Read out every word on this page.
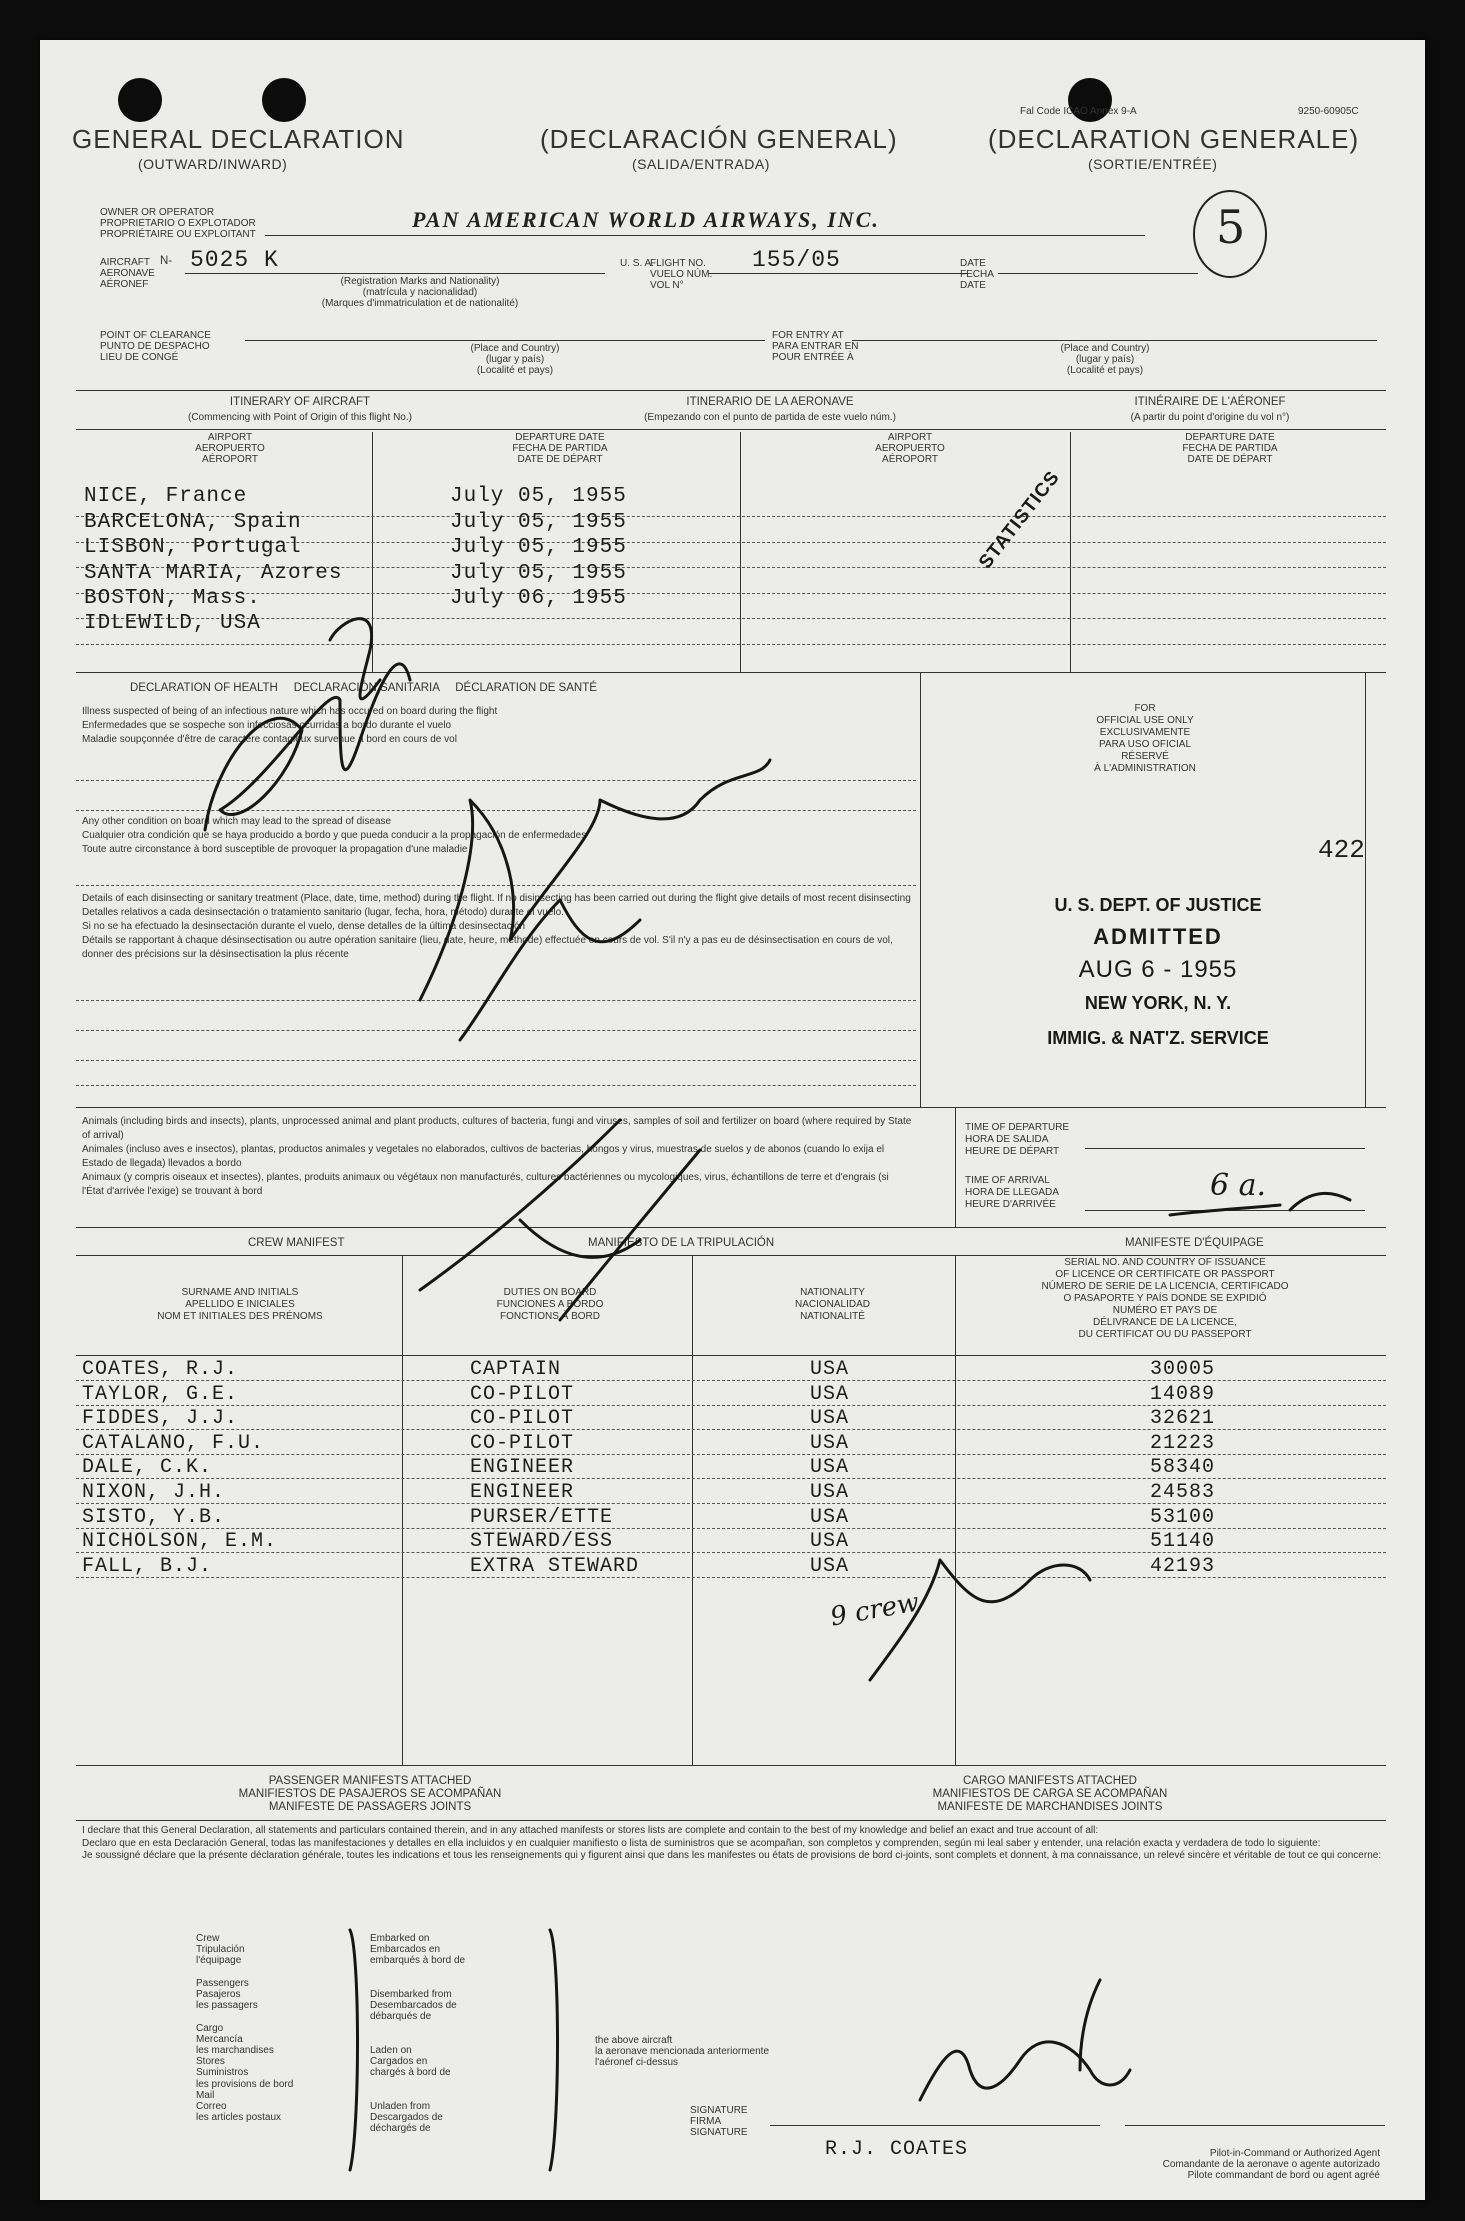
Fal Code ICAO Annex 9-A	9250-60905C
GENERAL DECLARATION
(OUTWARD/INWARD)
(DECLARACIÓN GENERAL)
(SALIDA/ENTRADA)
(DECLARATION GENERALE)
(SORTIE/ENTRÉE)
OWNER OR OPERATOR
PROPRIETARIO O EXPLOTADOR
PROPRIÉTAIRE OU EXPLOITANT
PAN AMERICAN WORLD AIRWAYS, INC.	5
AIRCRAFT
AERONAVE
AÉRONEF
N- 5025 K
(Registration Marks and Nationality)
(matrícula y nacionalidad)
(Marques d'immatriculation et de nationalité)
U. S. A.
FLIGHT NO.
VUELO NÚM.
VOL N°
155/05	DATE
FECHA
DATE
POINT OF CLEARANCE
PUNTO DE DESPACHO
LIEU DE CONGÉ
(Place and Country)
(lugar y país)
(Localité et pays)
FOR ENTRY AT
PARA ENTRAR EN
POUR ENTRÉE À
(Place and Country)
(lugar y país)
(Localité et pays)
ITINERARY OF AIRCRAFT
(Commencing with Point of Origin of this flight No.)
ITINERARIO DE LA AERONAVE
(Empezando con el punto de partida de este vuelo núm.)
ITINÉRAIRE DE L'AÉRONEF
(A partir du point d'origine du vol n°)
AIRPORT
AEROPUERTO
AÉROPORT
DEPARTURE DATE
FECHA DE PARTIDA
DATE DE DÉPART
AIRPORT
AEROPUERTO
AÉROPORT
DEPARTURE DATE
FECHA DE PARTIDA
DATE DE DÉPART
NICE, France	July 05, 1955
BARCELONA, Spain	July 05, 1955
LISBON, Portugal	July 05, 1955
SANTA MARIA, Azores	July 05, 1955
BOSTON, Mass.	July 06, 1955
IDLEWILD, USA
STATISTICS
DECLARATION OF HEALTH     DECLARACIÓN SANITARIA     DÉCLARATION DE SANTÉ
Illness suspected of being of an infectious nature which has occured on board during the flight
Enfermedades que se sospeche son infecciosas ocurridas a bordo durante el vuelo
Maladie soupçonnée d'être de caractère contagieux survenue à bord en cours de vol
Any other condition on board which may lead to the spread of disease
Cualquier otra condición que se haya producido a bordo y que pueda conducir a la propagación de enfermedades
Toute autre circonstance à bord susceptible de provoquer la propagation d'une maladie
Details of each disinsecting or sanitary treatment (Place, date, time, method) during the flight. If no disinsecting has been carried out during the flight give details of most recent disinsecting
Detalles relativos a cada desinsectación o tratamiento sanitario (lugar, fecha, hora, método) durante el vuelo.
Si no se ha efectuado la desinsectación durante el vuelo, dense detalles de la última desinsectación
Détails se rapportant à chaque désinsectisation ou autre opération sanitaire (lieu, date, heure, méthode) effectuée en cours de vol. S'il n'y a pas eu de désinsectisation en cours de vol, donner des précisions sur la désinsectisation la plus récente
FOR
OFFICIAL USE ONLY
EXCLUSIVAMENTE
PARA USO OFICIAL
RÉSERVÉ
À L'ADMINISTRATION
422
U. S. DEPT. OF JUSTICE
ADMITTED
AUG 6 - 1955
NEW YORK, N. Y.
IMMIG. & NAT'Z. SERVICE
Animals (including birds and insects), plants, unprocessed animal and plant products, cultures of bacteria, fungi and viruses, samples of soil and fertilizer on board (where required by State of arrival)
Animales (incluso aves e insectos), plantas, productos animales y vegetales no elaborados, cultivos de bacterias, hongos y virus, muestras de suelos y de abonos (cuando lo exija el Estado de llegada) llevados a bordo
Animaux (y compris oiseaux et insectes), plantes, produits animaux ou végétaux non manufacturés, cultures bactériennes ou mycologiques, virus, échantillons de terre et d'engrais (si l'État d'arrivée l'exige) se trouvant à bord
TIME OF DEPARTURE
HORA DE SALIDA
HEURE DE DÉPART
TIME OF ARRIVAL
HORA DE LLEGADA
HEURE D'ARRIVÉE
CREW MANIFEST	MANIFIESTO DE LA TRIPULACIÓN	MANIFESTE D'ÉQUIPAGE
SURNAME AND INITIALS
APELLIDO E INICIALES
NOM ET INITIALES DES PRÉNOMS
DUTIES ON BOARD
FUNCIONES A BORDO
FONCTIONS À BORD
NATIONALITY
NACIONALIDAD
NATIONALITÉ
SERIAL NO. AND COUNTRY OF ISSUANCE
OF LICENCE OR CERTIFICATE OR PASSPORT
NÚMERO DE SERIE DE LA LICENCIA, CERTIFICADO
O PASAPORTE Y PAÍS DONDE SE EXPIDIÓ
NUMÉRO ET PAYS DE
DÉLIVRANCE DE LA LICENCE,
DU CERTIFICAT OU DU PASSEPORT
COATES, R.J.	CAPTAIN	USA	30005
TAYLOR, G.E.	CO-PILOT	USA	14089
FIDDES, J.J.	CO-PILOT	USA	32621
CATALANO, F.U.	CO-PILOT	USA	21223
DALE, C.K.	ENGINEER	USA	58340
NIXON, J.H.	ENGINEER	USA	24583
SISTO, Y.B.	PURSER/ETTE	USA	53100
NICHOLSON, E.M.	STEWARD/ESS	USA	51140
FALL, B.J.	EXTRA STEWARD	USA	42193
PASSENGER MANIFESTS ATTACHED
MANIFIESTOS DE PASAJEROS SE ACOMPAÑAN
MANIFESTE DE PASSAGERS JOINTS
CARGO MANIFESTS ATTACHED
MANIFIESTOS DE CARGA SE ACOMPAÑAN
MANIFESTE DE MARCHANDISES JOINTS
I declare that this General Declaration, all statements and particulars contained therein, and in any attached manifests or stores lists are complete and contain to the best of my knowledge and belief an exact and true account of all:
Declaro que en esta Declaración General, todas las manifestaciones y detalles en ella incluidos y en cualquier manifiesto o lista de suministros que se acompañan, son completos y comprenden, según mi leal saber y entender, una relación exacta y verdadera de todo lo siguiente:
Je soussigné déclare que la présente déclaration générale, toutes les indications et tous les renseignements qui y figurent ainsi que dans les manifestes ou états de provisions de bord ci-joints, sont complets et donnent, à ma connaissance, un relevé sincère et véritable de tout ce qui concerne:
Crew
Tripulación
l'équipage

Passengers
Pasajeros
les passagers

Cargo
Mercancía
les marchandises
Stores
Suministros
les provisions de bord
Mail
Correo
les articles postaux
Embarked on
Embarcados en
embarqués à bord de

Disembarked from
Desembarcados de
débarqués de

Laden on
Cargados en
chargés à bord de

Unladen from
Descargados de
déchargés de
the above aircraft
la aeronave mencionada anteriormente
l'aéronef ci-dessus
SIGNATURE
FIRMA
SIGNATURE
R.J. COATES	Pilot-in-Command or Authorized Agent
Comandante de la aeronave o agente autorizado
Pilote commandant de bord ou agent agréé
6 a.
9 crew
